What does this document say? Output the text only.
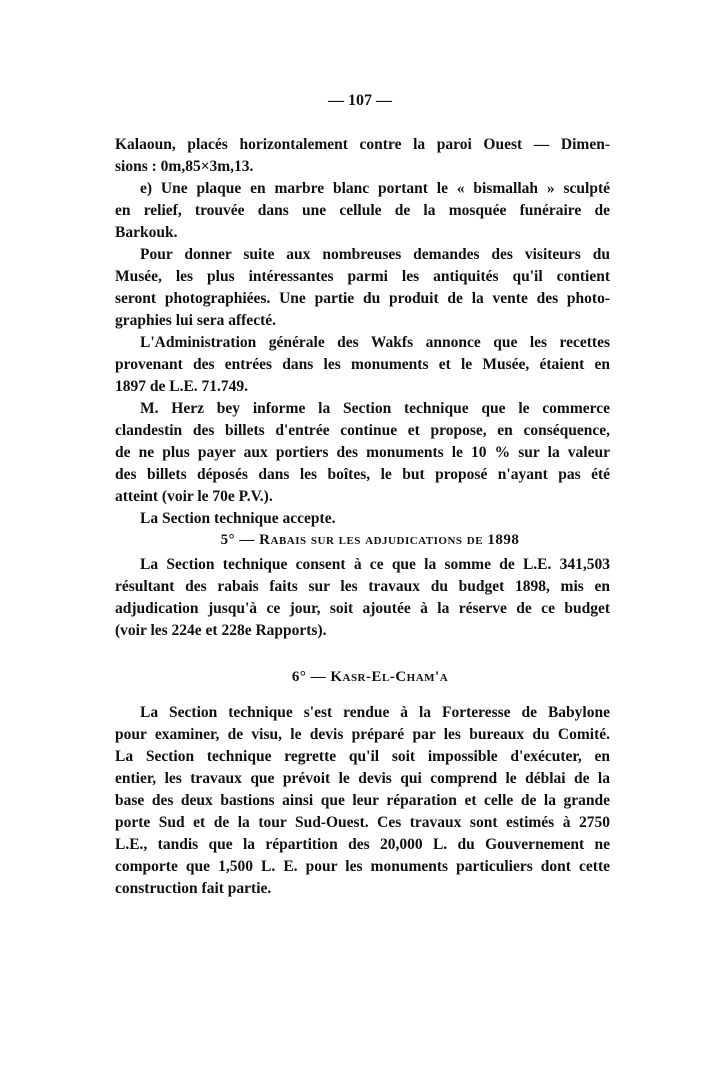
— 107 —
Kalaoun, placés horizontalement contre la paroi Ouest — Dimen-
sions : 0m,85×3m,13.
e) Une plaque en marbre blanc portant le « bismallah » sculpté
en relief, trouvée dans une cellule de la mosquée funéraire de
Barkouk.
Pour donner suite aux nombreuses demandes des visiteurs du
Musée, les plus intéressantes parmi les antiquités qu'il contient
seront photographiées. Une partie du produit de la vente des photo-
graphies lui sera affecté.
L'Administration générale des Wakfs annonce que les recettes
provenant des entrées dans les monuments et le Musée, étaient en
1897 de L.E. 71.749.
M. Herz bey informe la Section technique que le commerce
clandestin des billets d'entrée continue et propose, en conséquence,
de ne plus payer aux portiers des monuments le 10 % sur la valeur
des billets déposés dans les boîtes, le but proposé n'ayant pas été
atteint (voir le 70e P.V.).
La Section technique accepte.
5° — Rabais sur les adjudications de 1898
La Section technique consent à ce que la somme de L.E. 341,503
résultant des rabais faits sur les travaux du budget 1898, mis en
adjudication jusqu'à ce jour, soit ajoutée à la réserve de ce budget
(voir les 224e et 228e Rapports).
6° — Kasr-El-Cham'a
La Section technique s'est rendue à la Forteresse de Babylone
pour examiner, de visu, le devis préparé par les bureaux du Comité.
La Section technique regrette qu'il soit impossible d'exécuter, en
entier, les travaux que prévoit le devis qui comprend le déblai de la
base des deux bastions ainsi que leur réparation et celle de la grande
porte Sud et de la tour Sud-Ouest. Ces travaux sont estimés à 2750
L.E., tandis que la répartition des 20,000 L. du Gouvernement ne
comporte que 1,500 L. E. pour les monuments particuliers dont cette
construction fait partie.
